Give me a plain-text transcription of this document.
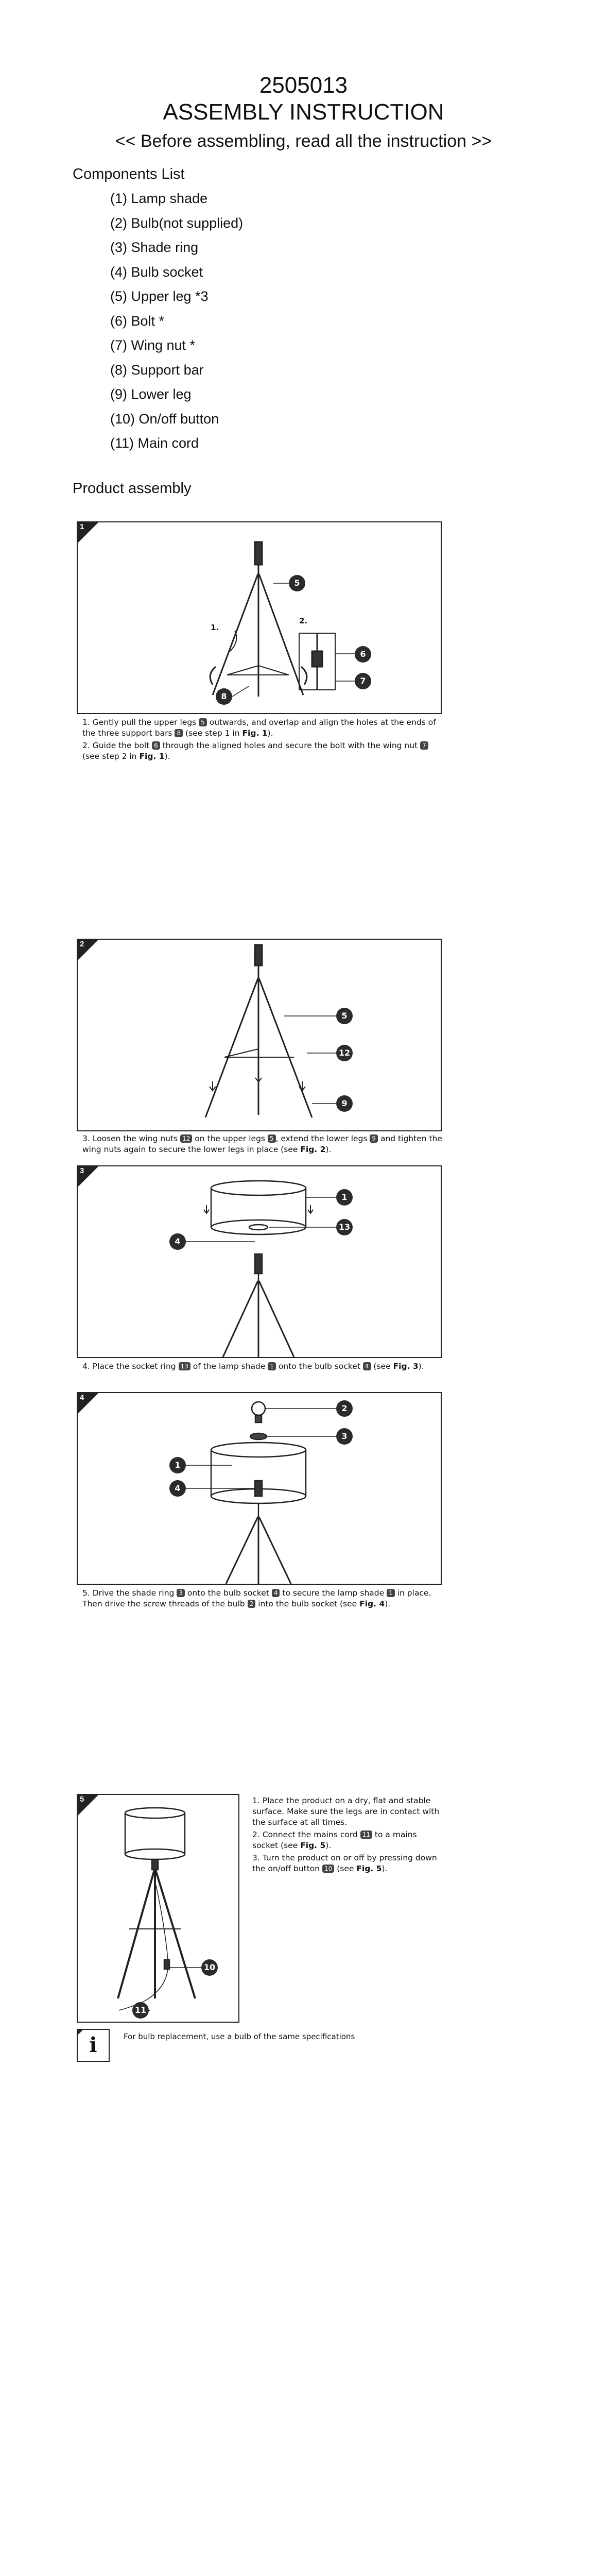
2505013
ASSEMBLY INSTRUCTION
<< Before assembling, read all the instruction >>
Components List
(1) Lamp shade
(2) Bulb(not supplied)
(3) Shade ring
(4) Bulb socket
(5) Upper leg *3
(6) Bolt *
(7) Wing nut *
(8) Support bar
(9) Lower leg
(10) On/off button
(11) Main cord
Product assembly
1
5
6
7
8
1.
2.
1. Gently pull the upper legs 5 outwards, and overlap and align the holes at the ends of the three support bars 8 (see step 1 in Fig. 1).
2. Guide the bolt 6 through the aligned holes and secure the bolt with the wing nut 7 (see step 2 in Fig. 1).
2
5
12
9
3. Loosen the wing nuts 12 on the upper legs 5 , extend the lower legs 9 and tighten the wing nuts again to secure the lower legs in place (see Fig. 2).
3
1
13
4
4. Place the socket ring 13 of the lamp shade 1 onto the bulb socket 4 (see Fig. 3).
4
2
3
1
4
5. Drive the shade ring 3 onto the bulb socket 4 to secure the lamp shade 1 in place. Then drive the screw threads of the bulb 2 into the bulb socket (see Fig. 4).
5
10
11
1. Place the product on a dry, flat and stable surface. Make sure the legs are in contact with the surface at all times.
2. Connect the mains cord 11 to a mains socket (see Fig. 5).
3. Turn the product on or off by pressing down the on/off button 10 (see Fig. 5).
i	For bulb replacement, use a bulb of the same specifications
